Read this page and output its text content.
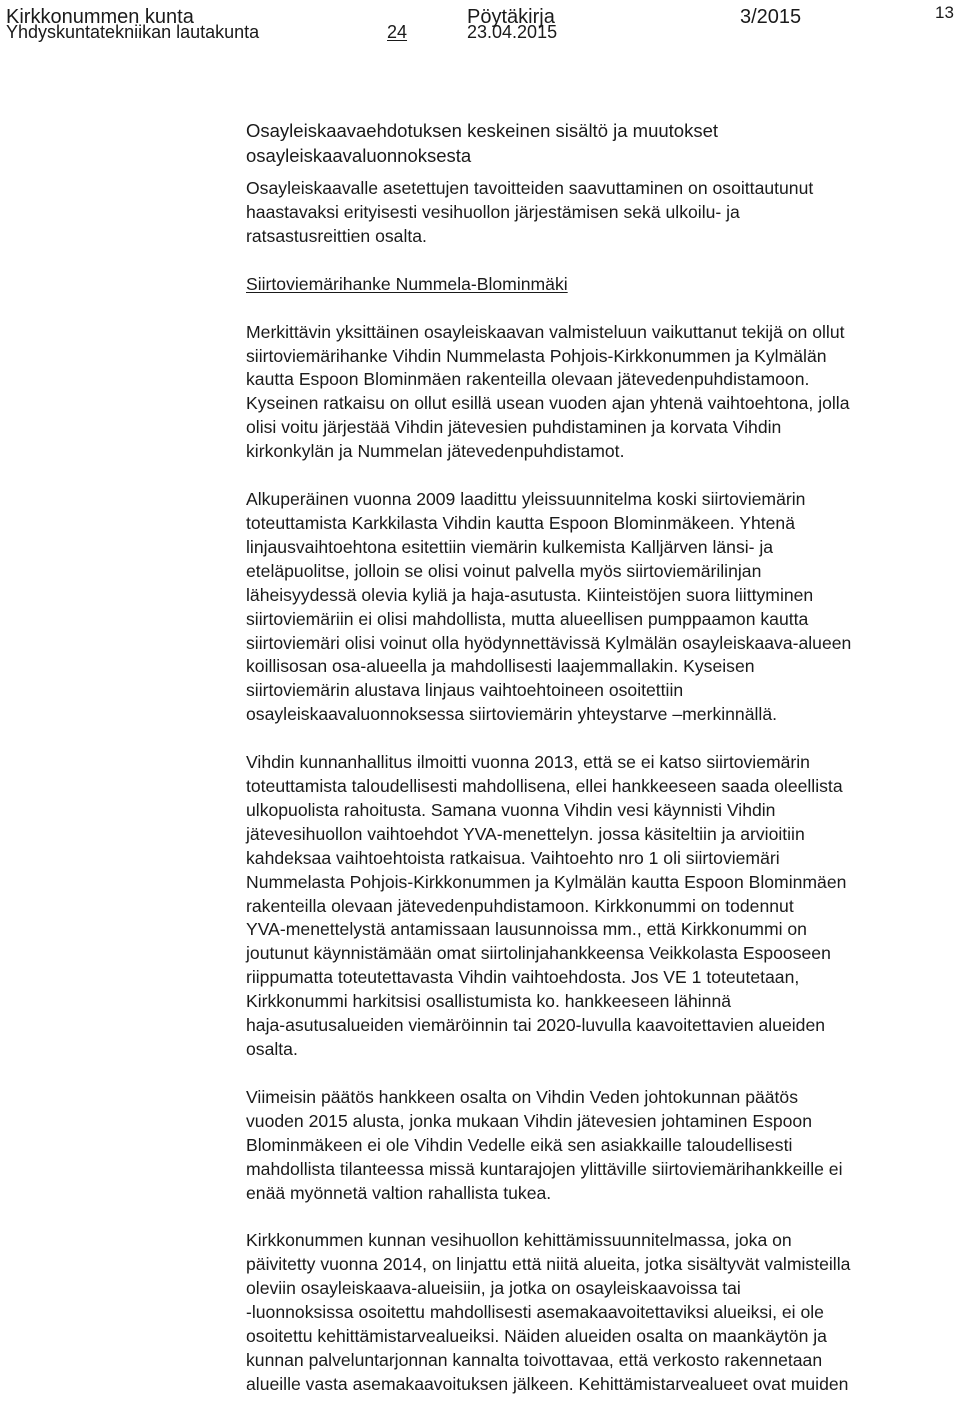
Kirkkonummen kunta	Pöytäkirja	3/2015	13
Yhdyskuntatekniikan lautakunta	24	23.04.2015

Osayleiskaavaehdotuksen keskeinen sisältö ja muutokset
osayleiskaavaluonnoksesta

Osayleiskaavalle asetettujen tavoitteiden saavuttaminen on osoittautunut
haastavaksi erityisesti vesihuollon järjestämisen sekä ulkoilu- ja
ratsastusreittien osalta.

Siirtoviemärihanke Nummela-Blominmäki

Merkittävin yksittäinen osayleiskaavan valmisteluun vaikuttanut tekijä on ollut
siirtoviemärihanke Vihdin Nummelasta Pohjois-Kirkkonummen ja Kylmälän
kautta Espoon Blominmäen rakenteilla olevaan jätevedenpuhdistamoon.
Kyseinen ratkaisu on ollut esillä usean vuoden ajan yhtenä vaihtoehtona, jolla
olisi voitu järjestää Vihdin jätevesien puhdistaminen ja korvata Vihdin
kirkonkylän ja Nummelan jätevedenpuhdistamot.

Alkuperäinen vuonna 2009 laadittu yleissuunnitelma koski siirtoviemärin
toteuttamista Karkkilasta Vihdin kautta Espoon Blominmäkeen. Yhtenä
linjausvaihtoehtona esitettiin viemärin kulkemista Kalljärven länsi- ja
eteläpuolitse, jolloin se olisi voinut palvella myös siirtoviemärilinjan
läheisyydessä olevia kyliä ja haja-asutusta. Kiinteistöjen suora liittyminen
siirtoviemäriin ei olisi mahdollista, mutta alueellisen pumppaamon kautta
siirtoviemäri olisi voinut olla hyödynnettävissä Kylmälän osayleiskaava-alueen
koillisosan osa-alueella ja mahdollisesti laajemmallakin. Kyseisen
siirtoviemärin alustava linjaus vaihtoehtoineen osoitettiin
osayleiskaavaluonnoksessa siirtoviemärin yhteystarve –merkinnällä.

Vihdin kunnanhallitus ilmoitti vuonna 2013, että se ei katso siirtoviemärin
toteuttamista taloudellisesti mahdollisena, ellei hankkeeseen saada oleellista
ulkopuolista rahoitusta. Samana vuonna Vihdin vesi käynnisti Vihdin
jätevesihuollon vaihtoehdot YVA-menettelyn. jossa käsiteltiin ja arvioitiin
kahdeksaa vaihtoehtoista ratkaisua. Vaihtoehto nro 1 oli siirtoviemäri
Nummelasta Pohjois-Kirkkonummen ja Kylmälän kautta Espoon Blominmäen
rakenteilla olevaan jätevedenpuhdistamoon. Kirkkonummi on todennut
YVA-menettelystä antamissaan lausunnoissa mm., että Kirkkonummi on
joutunut käynnistämään omat siirtolinjahankkeensa Veikkolasta Espooseen
riippumatta toteutettavasta Vihdin vaihtoehdosta. Jos VE 1 toteutetaan,
Kirkkonummi harkitsisi osallistumista ko. hankkeeseen lähinnä
haja-asutusalueiden viemäröinnin tai 2020-luvulla kaavoitettavien alueiden
osalta.

Viimeisin päätös hankkeen osalta on Vihdin Veden johtokunnan päätös
vuoden 2015 alusta, jonka mukaan Vihdin jätevesien johtaminen Espoon
Blominmäkeen ei ole Vihdin Vedelle eikä sen asiakkaille taloudellisesti
mahdollista tilanteessa missä kuntarajojen ylittäville siirtoviemärihankkeille ei
enää myönnetä valtion rahallista tukea.

Kirkkonummen kunnan vesihuollon kehittämissuunnitelmassa, joka on
päivitetty vuonna 2014, on linjattu että niitä alueita, jotka sisältyvät valmisteilla
oleviin osayleiskaava-alueisiin, ja jotka on osayleiskaavoissa tai
-luonnoksissa osoitettu mahdollisesti asemakaavoitettaviksi alueiksi, ei ole
osoitettu kehittämistarvealueiksi. Näiden alueiden osalta on maankäytön ja
kunnan palveluntarjonnan kannalta toivottavaa, että verkosto rakennetaan
alueille vasta asemakaavoituksen jälkeen. Kehittämistarvealueet ovat muiden
